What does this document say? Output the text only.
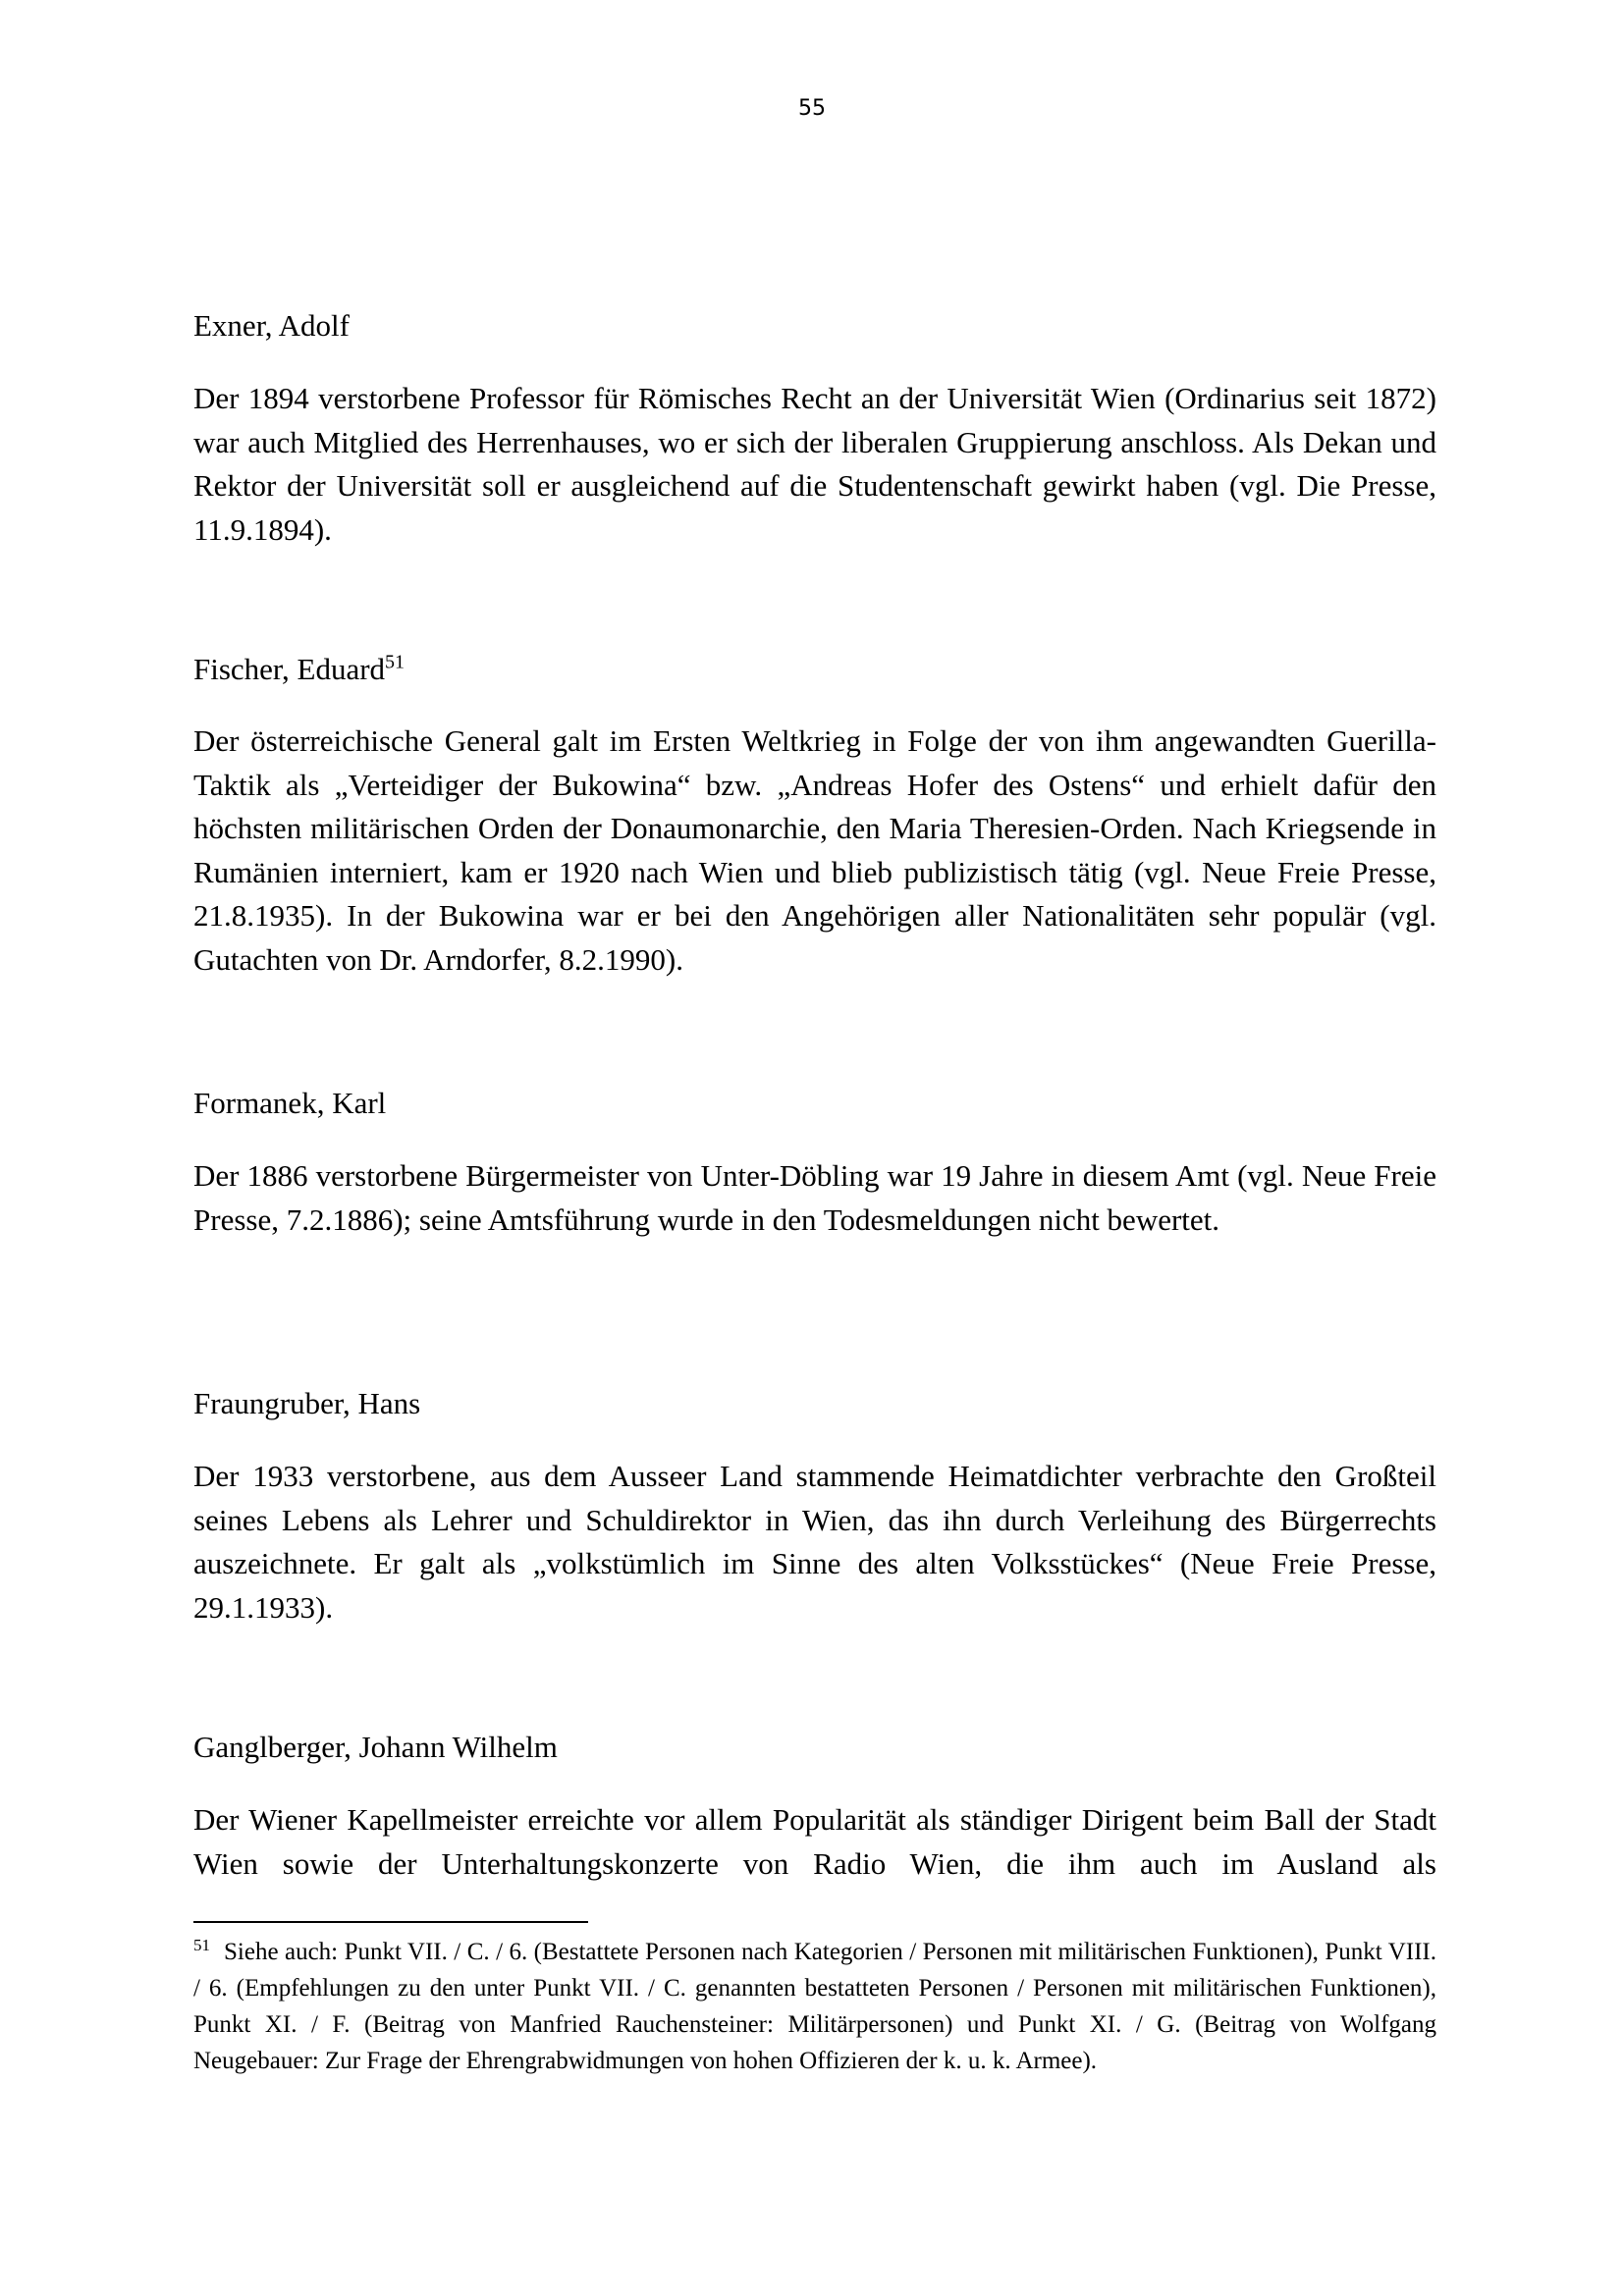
55
Exner, Adolf

Der 1894 verstorbene Professor für Römisches Recht an der Universität Wien (Ordinarius seit 1872) war auch Mitglied des Herrenhauses, wo er sich der liberalen Gruppierung anschloss. Als Dekan und Rektor der Universität soll er ausgleichend auf die Studentenschaft gewirkt haben (vgl. Die Presse, 11.9.1894).

Fischer, Eduard$^{51}$

Der österreichische General galt im Ersten Weltkrieg in Folge der von ihm angewandten Guerilla-Taktik als „Verteidiger der Bukowina“ bzw. „Andreas Hofer des Ostens“ und erhielt dafür den höchsten militärischen Orden der Donaumonarchie, den Maria Theresien-Orden. Nach Kriegsende in Rumänien interniert, kam er 1920 nach Wien und blieb publizistisch tätig (vgl. Neue Freie Presse, 21.8.1935). In der Bukowina war er bei den Angehörigen aller Nationalitäten sehr populär (vgl. Gutachten von Dr. Arndorfer, 8.2.1990).

Formanek, Karl

Der 1886 verstorbene Bürgermeister von Unter-Döbling war 19 Jahre in diesem Amt (vgl. Neue Freie Presse, 7.2.1886); seine Amtsführung wurde in den Todesmeldungen nicht bewertet.

Fraungruber, Hans

Der 1933 verstorbene, aus dem Ausseer Land stammende Heimatdichter verbrachte den Großteil seines Lebens als Lehrer und Schuldirektor in Wien, das ihn durch Verleihung des Bürgerrechts auszeichnete. Er galt als „volkstümlich im Sinne des alten Volksstückes“ (Neue Freie Presse, 29.1.1933).

Ganglberger, Johann Wilhelm

Der Wiener Kapellmeister erreichte vor allem Popularität als ständiger Dirigent beim Ball der Stadt Wien sowie der Unterhaltungskonzerte von Radio Wien, die ihm auch im Ausland als

$^{51}$ Siehe auch: Punkt VII. / C. / 6. (Bestattete Personen nach Kategorien / Personen mit militärischen Funktionen), Punkt VIII. / 6. (Empfehlungen zu den unter Punkt VII. / C. genannten bestatteten Personen / Personen mit militärischen Funktionen), Punkt XI. / F. (Beitrag von Manfried Rauchensteiner: Militärpersonen) und Punkt XI. / G. (Beitrag von Wolfgang Neugebauer: Zur Frage der Ehrengrabwidmungen von hohen Offizieren der k. u. k. Armee).
